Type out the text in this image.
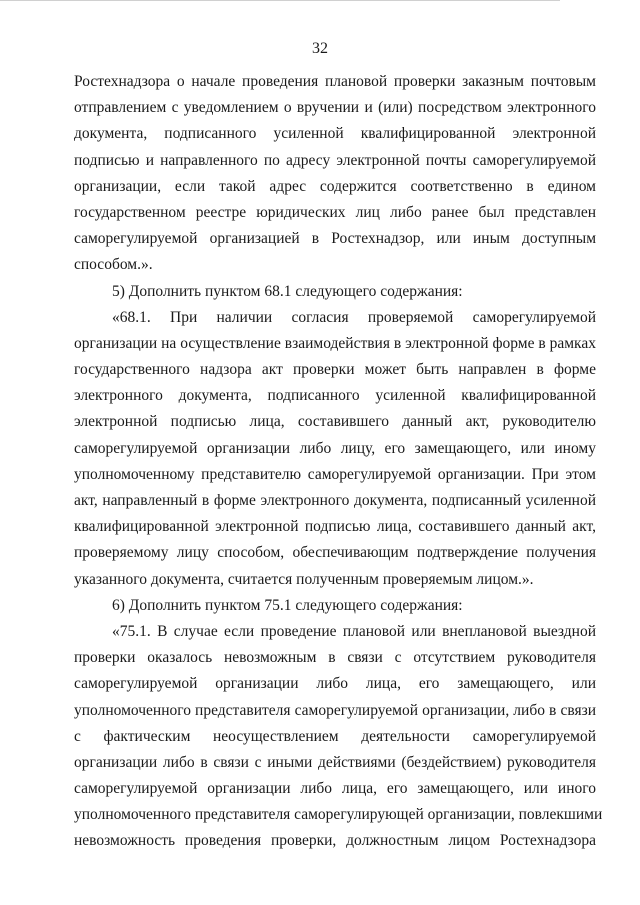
32
Ростехнадзора о начале проведения плановой проверки заказным почтовым
отправлением с уведомлением о вручении и (или) посредством электронного
документа, подписанного усиленной квалифицированной электронной
подписью и направленного по адресу электронной почты саморегулируемой
организации, если такой адрес содержится соответственно в едином
государственном реестре юридических лиц либо ранее был представлен
саморегулируемой организацией в Ростехнадзор, или иным доступным
способом.».
5) Дополнить пунктом 68.1 следующего содержания:
«68.1. При наличии согласия проверяемой саморегулируемой
организации на осуществление взаимодействия в электронной форме в рамках
государственного надзора акт проверки может быть направлен в форме
электронного документа, подписанного усиленной квалифицированной
электронной подписью лица, составившего данный акт, руководителю
саморегулируемой организации либо лицу, его замещающего, или иному
уполномоченному представителю саморегулируемой организации. При этом
акт, направленный в форме электронного документа, подписанный усиленной
квалифицированной электронной подписью лица, составившего данный акт,
проверяемому лицу способом, обеспечивающим подтверждение получения
указанного документа, считается полученным проверяемым лицом.».
6) Дополнить пунктом 75.1 следующего содержания:
«75.1. В случае если проведение плановой или внеплановой выездной
проверки оказалось невозможным в связи с отсутствием руководителя
саморегулируемой организации либо лица, его замещающего, или
уполномоченного представителя саморегулируемой организации, либо в связи
с фактическим неосуществлением деятельности саморегулируемой
организации либо в связи с иными действиями (бездействием) руководителя
саморегулируемой организации либо лица, его замещающего, или иного
уполномоченного представителя саморегулирующей организации, повлекшими
невозможность проведения проверки, должностным лицом Ростехнадзора
